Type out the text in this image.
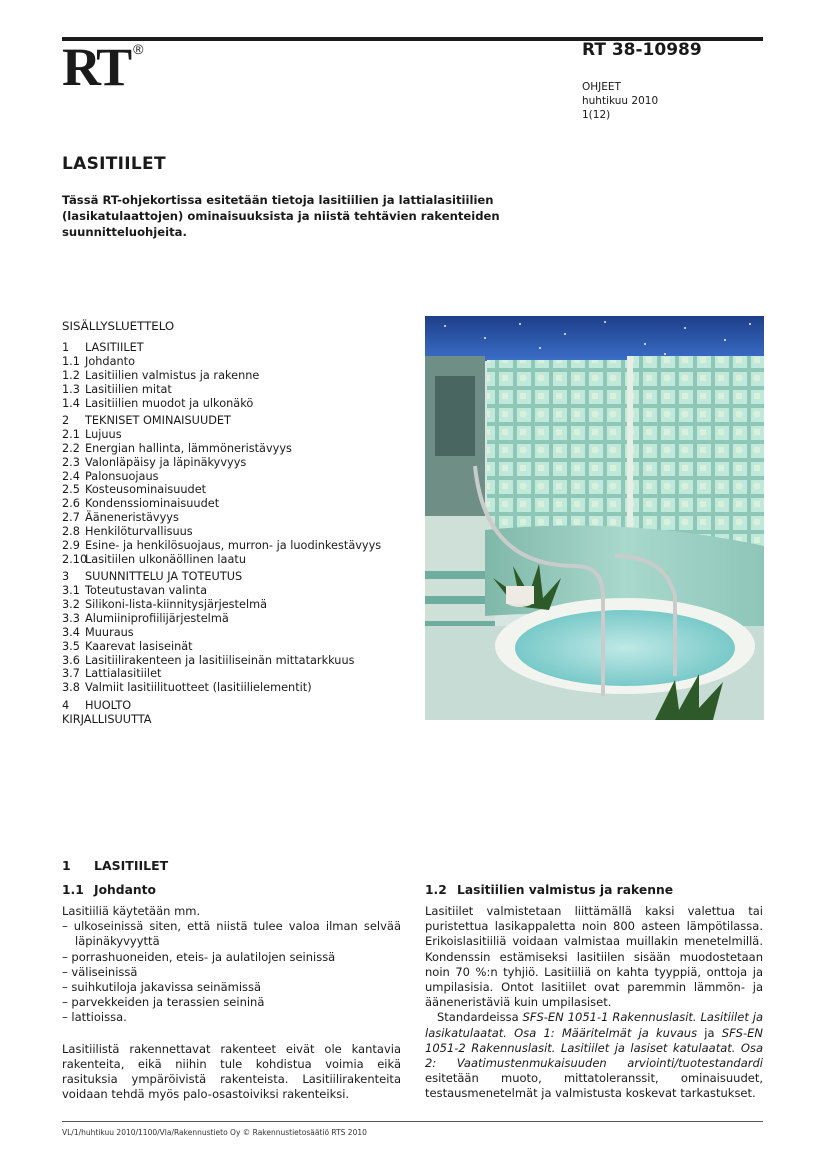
RT ®	RT 38-10989
OHJEET
huhtikuu 2010
1(12)
LASITIILET
Tässä RT-ohjekortissa esitetään tietoja lasitiilien ja lattialasitiilien (lasikatulaattojen) ominaisuuksista ja niistä tehtävien rakenteiden suunnitteluohjeita.
SISÄLLYSLUETTELO
1 LASITIILET
1.1 Johdanto
1.2 Lasitiilien valmistus ja rakenne
1.3 Lasitiilien mitat
1.4 Lasitiilien muodot ja ulkonäkö
2 TEKNISET OMINAISUUDET
2.1 Lujuus
2.2 Energian hallinta, lämmöneristävyys
2.3 Valonläpäisy ja läpinäkyvyys
2.4 Palonsuojaus
2.5 Kosteusominaisuudet
2.6 Kondenssiominaisuudet
2.7 Ääneneristävyys
2.8 Henkilöturvallisuus
2.9 Esine- ja henkilösuojaus, murron- ja luodinkestävyys
2.10Lasitiilen ulkonäöllinen laatu
3 SUUNNITTELU JA TOTEUTUS
3.1 Toteutustavan valinta
3.2 Silikoni-lista-kiinnitysjärjestelmä
3.3 Alumiiniprofiilijärjestelmä
3.4 Muuraus
3.5 Kaarevat lasiseinät
3.6 Lasitiilirakenteen ja lasitiiliseinän mittatarkkuus
3.7 Lattialasitiilet
3.8 Valmiit lasitiilituotteet (lasitiilielementit)
4 HUOLTO
KIRJALLISUUTTA
1 LASITIILET
1.1 Johdanto
Lasitiiliä käytetään mm.
– ulkoseinissä siten, että niistä tulee valoa ilman selvää läpinäkyvyyttä
– porrashuoneiden, eteis- ja aulatilojen seinissä
– väliseinissä
– suihkutiloja jakavissa seinämissä
– parvekkeiden ja terassien seininä
– lattioissa.
Lasitiilistä rakennettavat rakenteet eivät ole kantavia rakenteita, eikä niihin tule kohdistua voimia eikä rasituksia ympäröivistä rakenteista. Lasitiilirakenteita voidaan tehdä myös palo-osastoiviksi rakenteiksi.
1.2 Lasitiilien valmistus ja rakenne
Lasitiilet valmistetaan liittämällä kaksi valettua tai puristettua lasikappaletta noin 800 asteen lämpötilassa. Erikoislasitiiliä voidaan valmistaa muillakin menetelmillä. Kondenssin estämiseksi lasitiilen sisään muodostetaan noin 70 %:n tyhjiö. Lasitiiliä on kahta tyyppiä, onttoja ja umpilasisia. Ontot lasitiilet ovat paremmin lämmön- ja ääneneristäviä kuin umpilasiset.
Standardeissa SFS-EN 1051-1 Rakennuslasit. Lasitiilet ja lasikatulaatat. Osa 1: Määritelmät ja kuvaus ja SFS-EN 1051-2 Rakennuslasit. Lasitiilet ja lasiset katulaatat. Osa 2: Vaatimustenmukaisuuden arviointi/tuotestandardi esitetään muoto, mittatoleranssit, ominaisuudet, testausmenetelmät ja valmistusta koskevat tarkastukset.
VL/1/huhtikuu 2010/1100/Vla/Rakennustieto Oy © Rakennustietosäätiö RTS 2010
